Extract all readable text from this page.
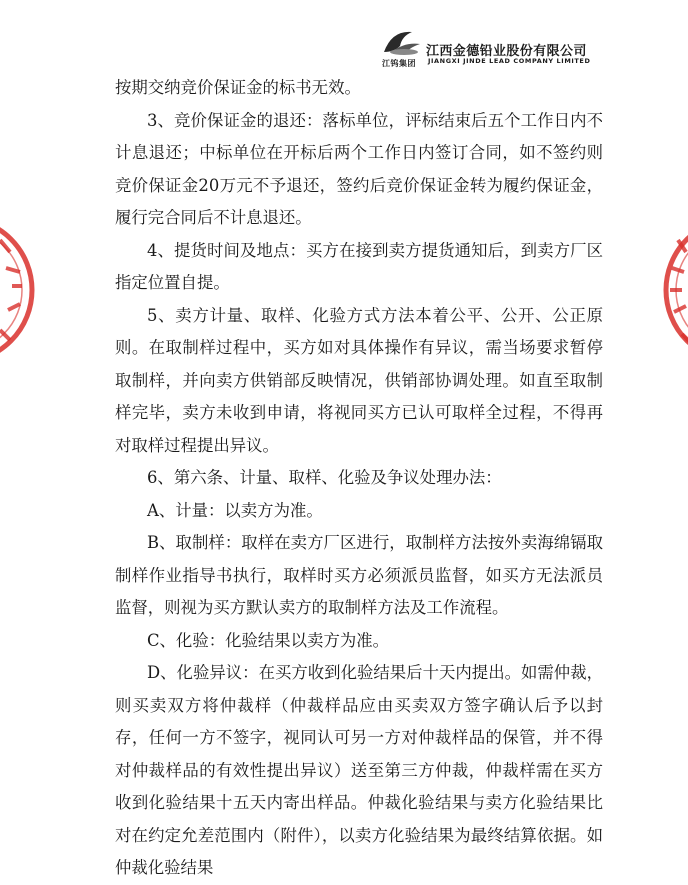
江钨集团
江西金德铅业股份有限公司
JIANGXI JINDE LEAD COMPANY LIMITED

按期交纳竞价保证金的标书无效。

3、竞价保证金的退还：落标单位，评标结束后五个工作日内不计息退还；中标单位在开标后两个工作日内签订合同，如不签约则竞价保证金20万元不予退还，签约后竞价保证金转为履约保证金，履行完合同后不计息退还。

4、提货时间及地点：买方在接到卖方提货通知后，到卖方厂区指定位置自提。

5、卖方计量、取样、化验方式方法本着公平、公开、公正原则。在取制样过程中，买方如对具体操作有异议，需当场要求暂停取制样，并向卖方供销部反映情况，供销部协调处理。如直至取制样完毕，卖方未收到申请，将视同买方已认可取样全过程，不得再对取样过程提出异议。

6、第六条、计量、取样、化验及争议处理办法：

A、计量：以卖方为准。

B、取制样：取样在卖方厂区进行，取制样方法按外卖海绵镉取制样作业指导书执行，取样时买方必须派员监督，如买方无法派员监督，则视为买方默认卖方的取制样方法及工作流程。

C、化验：化验结果以卖方为准。

D、化验异议：在买方收到化验结果后十天内提出。如需仲裁，则买卖双方将仲裁样（仲裁样品应由买卖双方签字确认后予以封存，任何一方不签字，视同认可另一方对仲裁样品的保管，并不得对仲裁样品的有效性提出异议）送至第三方仲裁，仲裁样需在买方收到化验结果十五天内寄出样品。仲裁化验结果与卖方化验结果比对在约定允差范围内（附件），以卖方化验结果为最终结算依据。如仲裁化验结果
